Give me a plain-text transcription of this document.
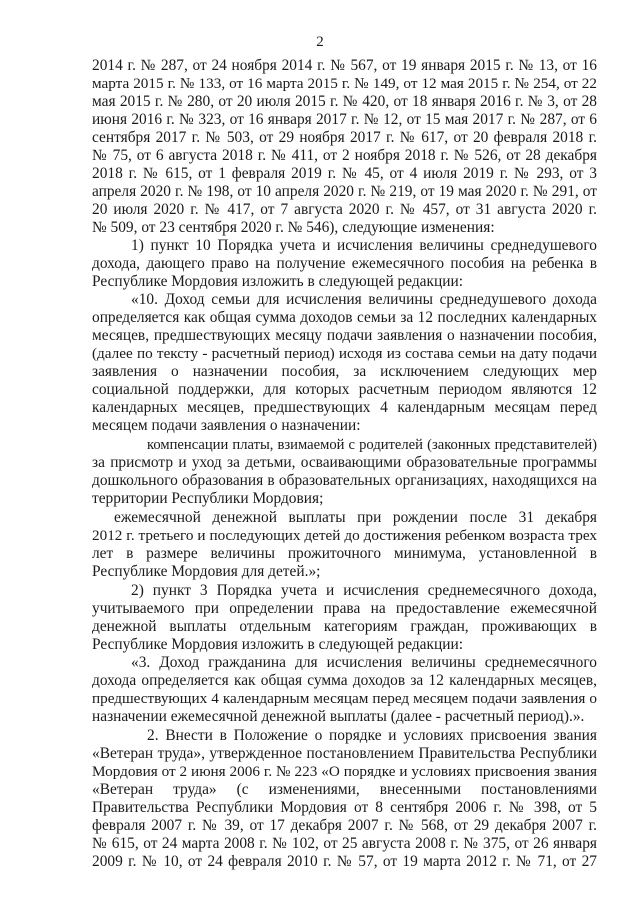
2
2014 г. № 287, от 24 ноября 2014 г. № 567, от 19 января 2015 г. № 13, от 16
марта 2015 г. № 133, от 16 марта 2015 г. № 149, от 12 мая 2015 г. № 254, от 22
мая 2015 г. № 280, от 20 июля 2015 г. № 420, от 18 января 2016 г. № 3, от 28
июня 2016 г. № 323, от 16 января 2017 г. № 12, от 15 мая 2017 г. № 287, от 6
сентября 2017 г. № 503, от 29 ноября 2017 г. № 617, от 20 февраля 2018 г.
№ 75, от 6 августа 2018 г. № 411, от 2 ноября 2018 г. № 526, от 28 декабря
2018 г. № 615, от 1 февраля 2019 г. № 45, от 4 июля 2019 г. № 293, от 3
апреля 2020 г. № 198, от 10 апреля 2020 г. № 219, от 19 мая 2020 г. № 291, от
20 июля 2020 г. № 417, от 7 августа 2020 г. № 457, от 31 августа 2020 г.
№ 509, от 23 сентября 2020 г. № 546), следующие изменения:
1) пункт 10 Порядка учета и исчисления величины среднедушевого
дохода, дающего право на получение ежемесячного пособия на ребенка в
Республике Мордовия изложить в следующей редакции:
«10. Доход семьи для исчисления величины среднедушевого дохода
определяется как общая сумма доходов семьи за 12 последних календарных
месяцев, предшествующих месяцу подачи заявления о назначении пособия,
(далее по тексту - расчетный период) исходя из состава семьи на дату подачи
заявления о назначении пособия, за исключением следующих мер
социальной поддержки, для которых расчетным периодом являются 12
календарных месяцев, предшествующих 4 календарным месяцам перед
месяцем подачи заявления о назначении:
компенсации платы, взимаемой с родителей (законных представителей)
за присмотр и уход за детьми, осваивающими образовательные программы
дошкольного образования в образовательных организациях, находящихся на
территории Республики Мордовия;
ежемесячной денежной выплаты при рождении после 31 декабря
2012 г. третьего и последующих детей до достижения ребенком возраста трех
лет в размере величины прожиточного минимума, установленной в
Республике Мордовия для детей.»;
2) пункт 3 Порядка учета и исчисления среднемесячного дохода,
учитываемого при определении права на предоставление ежемесячной
денежной выплаты отдельным категориям граждан, проживающих в
Республике Мордовия изложить в следующей редакции:
«3. Доход гражданина для исчисления величины среднемесячного
дохода определяется как общая сумма доходов за 12 календарных месяцев,
предшествующих 4 календарным месяцам перед месяцем подачи заявления о
назначении ежемесячной денежной выплаты (далее - расчетный период).».
2. Внести в Положение о порядке и условиях присвоения звания
«Ветеран труда», утвержденное постановлением Правительства Республики
Мордовия от 2 июня 2006 г. № 223 «О порядке и условиях присвоения звания
«Ветеран труда» (с изменениями, внесенными постановлениями
Правительства Республики Мордовия от 8 сентября 2006 г. № 398, от 5
февраля 2007 г. № 39, от 17 декабря 2007 г. № 568, от 29 декабря 2007 г.
№ 615, от 24 марта 2008 г. № 102, от 25 августа 2008 г. № 375, от 26 января
2009 г. № 10, от 24 февраля 2010 г. № 57, от 19 марта 2012 г. № 71, от 27
